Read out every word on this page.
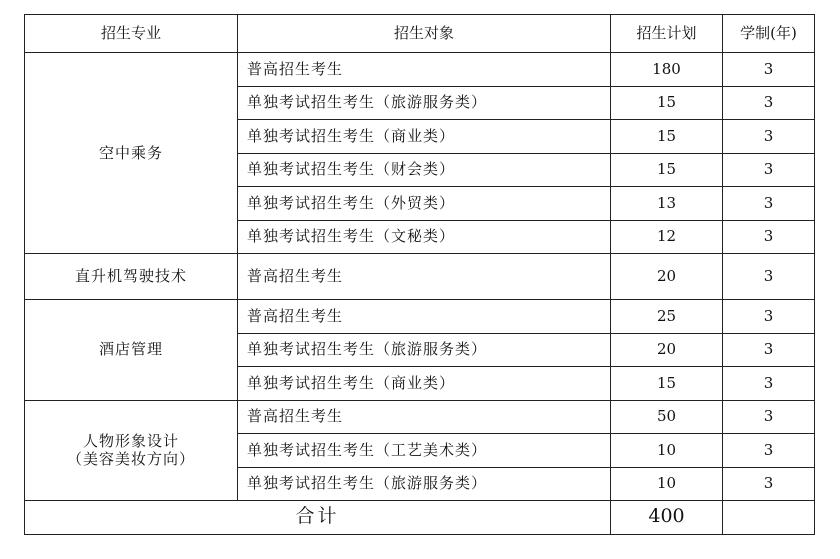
招生专业	招生对象	招生计划	学制(年)

空中乘务	普高招生考生	180	3
	单独考试招生考生（旅游服务类）	15	3
	单独考试招生考生（商业类）	15	3
	单独考试招生考生（财会类）	15	3
	单独考试招生考生（外贸类）	13	3
	单独考试招生考生（文秘类）	12	3

直升机驾驶技术	普高招生考生	20	3

酒店管理	普高招生考生	25	3
	单独考试招生考生（旅游服务类）	20	3
	单独考试招生考生（商业类）	15	3

人物形象设计
（美容美妆方向）	普高招生考生	50	3
	单独考试招生考生（工艺美术类）	10	3
	单独考试招生考生（旅游服务类）	10	3
合计		400	
